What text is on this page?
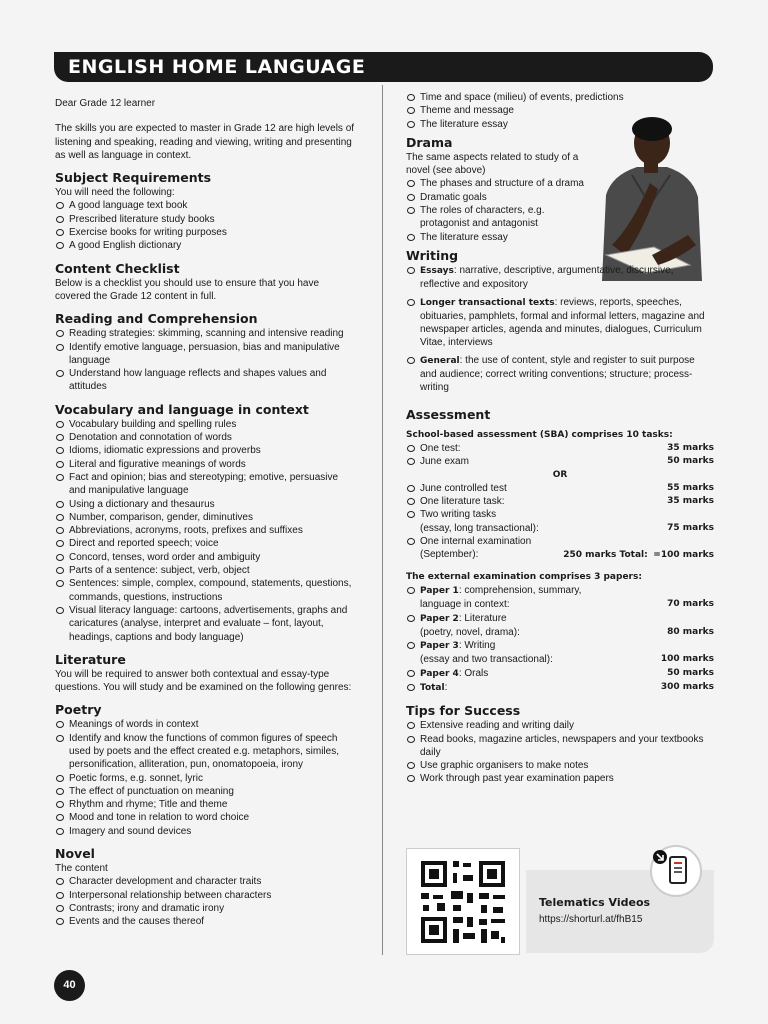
ENGLISH HOME LANGUAGE

Dear Grade 12 learner

The skills you are expected to master in Grade 12 are high levels of listening and speaking, reading and viewing, writing and presenting as well as language in context.

Subject Requirements

You will need the following:

A good language text book
Prescribed literature study books
Exercise books for writing purposes
A good English dictionary
Content Checklist

Below is a checklist you should use to ensure that you have covered the Grade 12 content in full.

Reading and Comprehension
Reading strategies: skimming, scanning and intensive reading
Identify emotive language, persuasion, bias and manipulative language
Understand how language reflects and shapes values and attitudes
Vocabulary and language in context
Vocabulary building and spelling rules
Denotation and connotation of words
Idioms, idiomatic expressions and proverbs
Literal and figurative meanings of words
Fact and opinion; bias and stereotyping; emotive, persuasive and manipulative language
Using a dictionary and thesaurus
Number, comparison, gender, diminutives
Abbreviations, acronyms, roots, prefixes and suffixes
Direct and reported speech; voice
Concord, tenses, word order and ambiguity
Parts of a sentence: subject, verb, object
Sentences: simple, complex, compound, statements, questions, commands, questions, instructions
Visual literacy language: cartoons, advertisements, graphs and caricatures (analyse, interpret and evaluate – font, layout, headings, captions and body language)
Literature

You will be required to answer both contextual and essay-type questions. You will study and be examined on the following genres:

Poetry
Meanings of words in context
Identify and know the functions of common figures of speech used by poets and the effect created e.g. metaphors, similes, personification, alliteration, pun, onomatopoeia, irony
Poetic forms, e.g. sonnet, lyric
The effect of punctuation on meaning
Rhythm and rhyme; Title and theme
Mood and tone in relation to word choice
Imagery and sound devices
Novel

The content

Character development and character traits
Interpersonal relationship between characters
Contrasts; irony and dramatic irony
Events and the causes thereof
Time and space (milieu) of events, predictions
Theme and message
The literature essay
Drama

The same aspects related to study of a novel (see above)

The phases and structure of a drama
Dramatic goals
The roles of characters, e.g. protagonist and antagonist
The literature essay
Writing
Essays: narrative, descriptive, argumentative, discursive, reflective and expository
Longer transactional texts: reviews, reports, speeches, obituaries, pamphlets, formal and informal letters, magazine and newspaper articles, agenda and minutes, dialogues, Curriculum Vitae, interviews
General: the use of content, style and register to suit purpose and audience; correct writing conventions; structure; process-writing
Assessment

School-based assessment (SBA) comprises 10 tasks:

One test:	35 marks
June exam	50 marks

OR

June controlled test	55 marks
One literature task:	35 marks
Two writing tasks
(essay, long transactional):	75 marks
One internal examination
(September):	250 marks Total: =100 marks

The external examination comprises 3 papers:

Paper 1: comprehension, summary,
language in context:	70 marks
Paper 2: Literature
(poetry, novel, drama):	80 marks
Paper 3: Writing
(essay and two transactional):	100 marks
Paper 4: Orals	50 marks
Total:	300 marks
Tips for Success
Extensive reading and writing daily
Read books, magazine articles, newspapers and your textbooks daily
Use graphic organisers to make notes
Work through past year examination papers
Telematics Videos
https://shorturl.at/fhB15
40
